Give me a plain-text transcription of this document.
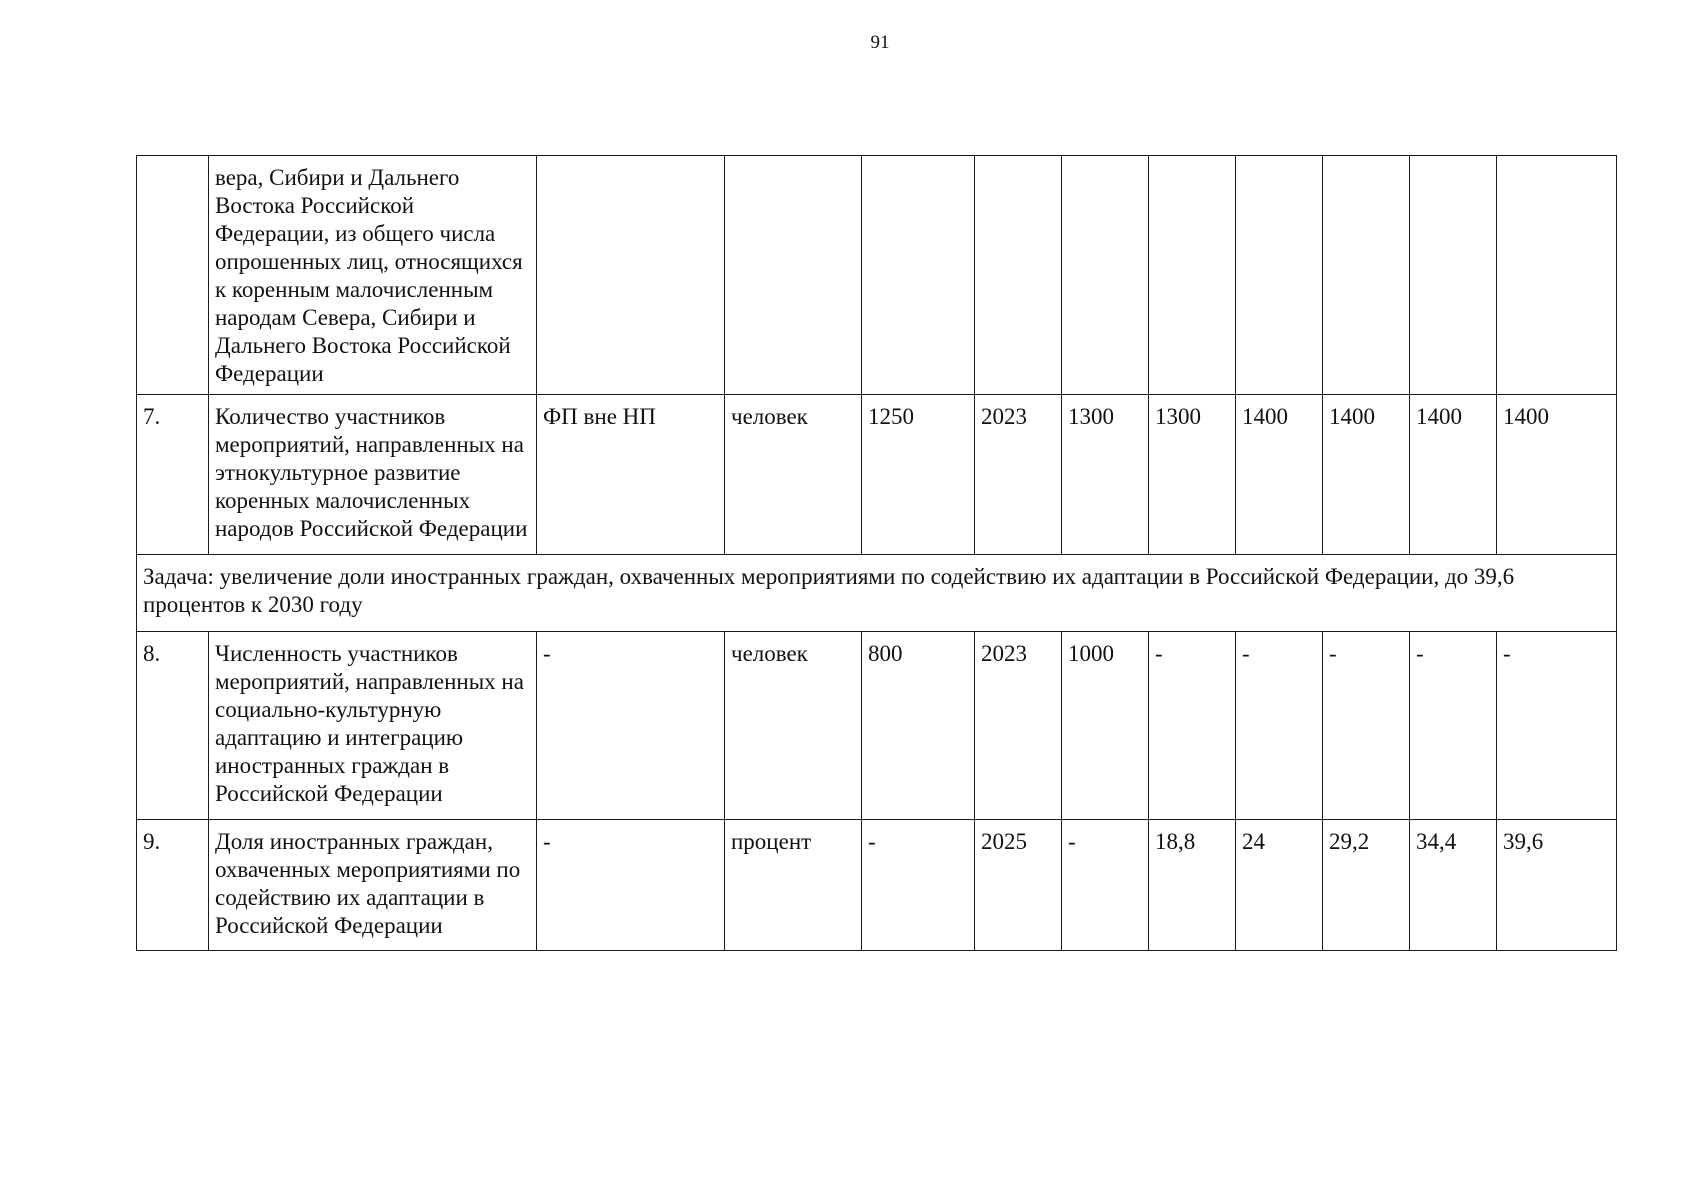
91
	вера, Сибири и Дальнего Востока Российской Федерации, из общего числа опрошенных лиц, относящихся к коренным малочисленным народам Севера, Сибири и Дальнего Востока Российской Федерации										
7.	Количество участников мероприятий, направленных на этнокультурное развитие коренных малочисленных народов Российской Федерации	ФП вне НП	человек	1250	2023	1300	1300	1400	1400	1400	1400
Задача: увеличение доли иностранных граждан, охваченных мероприятиями по содействию их адаптации в Российской Федерации, до 39,6 процентов к 2030 году											
8.	Численность участников мероприятий, направленных на социально-культурную адаптацию и интеграцию иностранных граждан в Российской Федерации	-	человек	800	2023	1000	-	-	-	-	-
9.	Доля иностранных граждан, охваченных мероприятиями по содействию их адаптации в Российской Федерации	-	процент	-	2025	-	18,8	24	29,2	34,4	39,6
